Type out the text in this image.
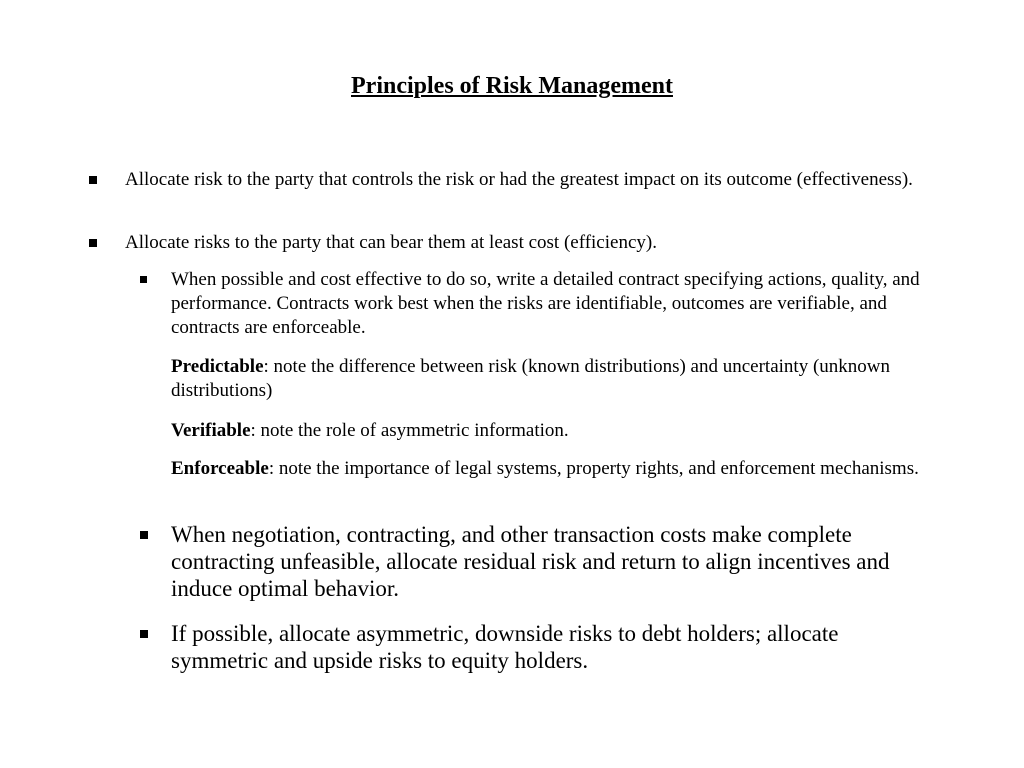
Principles of Risk Management
Allocate risk to the party that controls the risk or had the greatest impact on its outcome (effectiveness).
Allocate risks to the party that can bear them at least cost (efficiency).
When possible and cost effective to do so, write a detailed contract specifying actions, quality, and performance. Contracts work best when the risks are identifiable, outcomes are verifiable, and contracts are enforceable.
Predictable: note the difference between risk (known distributions) and uncertainty (unknown distributions)
Verifiable: note the role of asymmetric information.
Enforceable: note the importance of legal systems, property rights, and enforcement mechanisms.
When negotiation, contracting, and other transaction costs make complete contracting unfeasible, allocate residual risk and return to align incentives and induce optimal behavior.
If possible, allocate asymmetric, downside risks to debt holders; allocate symmetric and upside risks to equity holders.
